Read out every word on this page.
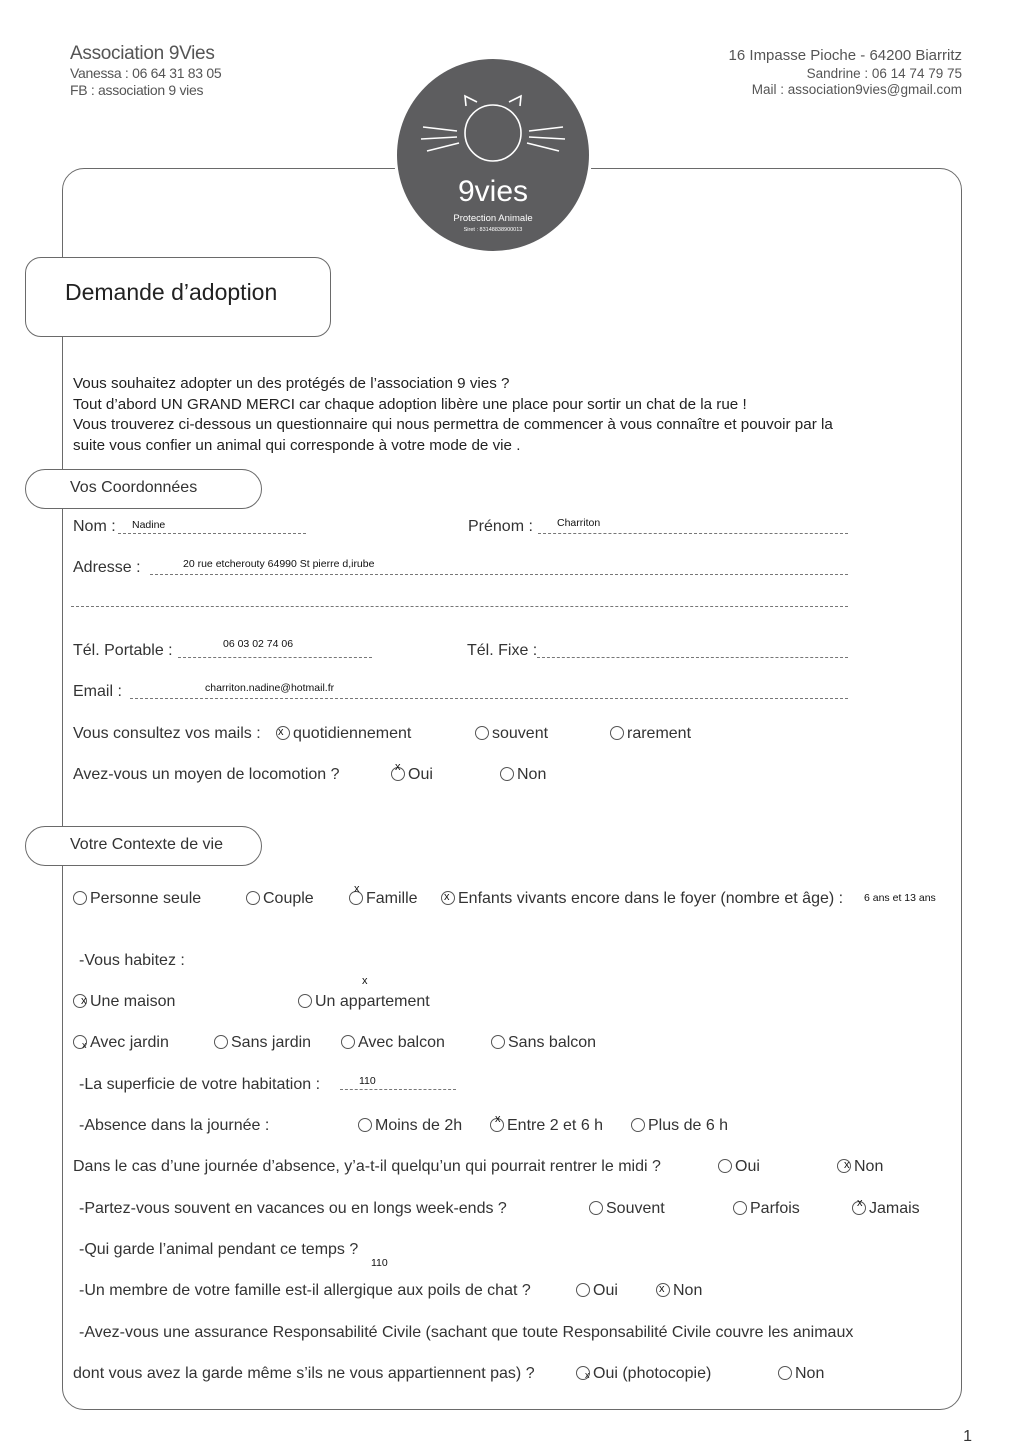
Association 9Vies
Vanessa : 06 64 31 83 05
FB : association 9 vies
16 Impasse Pioche - 64200 Biarritz
Sandrine : 06 14 74 79 75
Mail : association9vies@gmail.com
9vies
Protection Animale
Siret : 83148838900013
Demande d’adoption
Vous souhaitez adopter un des protégés de l’association 9 vies ?
Tout d’abord UN GRAND MERCI car chaque adoption libère une place pour sortir un chat de la rue !
Vous trouverez ci-dessous un questionnaire qui nous permettra de commencer à vous connaître et pouvoir par la
suite vous confier un animal qui corresponde à votre mode de vie .
Vos Coordonnées
Nom : Nadine	Prénom : Charriton
Adresse :	20 rue etcherouty 64990 St pierre d,irube
Tél. Portable :	06 03 02 74 06	Tél. Fixe :
Email :	charriton.nadine@hotmail.fr
Vous consultez vos mails : x quotidiennement	souvent	rarement
Avez-vous un moyen de locomotion ?	x Oui	Non
Votre Contexte de vie
Personne seule	Couple
x
Famille x Enfants vivants encore dans le foyer (nombre et âge) : 6 ans et 13 ans
-Vous habitez :
x
x Une maison	Un appartement
x Avec jardin	Sans jardin	Avec balcon	Sans balcon
-La superficie de votre habitation :	110
-Absence dans la journée :	Moins de 2h	x Entre 2 et 6 h	Plus de 6 h
Dans le cas d’une journée d’absence, y’a-t-il quelqu’un qui pourrait rentrer le midi ?	Oui	x Non
-Partez-vous souvent en vacances ou en longs week-ends ?	Souvent	Parfois	x Jamais
-Qui garde l’animal pendant ce temps ?
110
-Un membre de votre famille est-il allergique aux poils de chat ?	Oui	x Non
-Avez-vous une assurance Responsabilité Civile (sachant que toute Responsabilité Civile couvre les animaux
dont vous avez la garde même s’ils ne vous appartiennent pas) ?	x Oui (photocopie)	Non
1
